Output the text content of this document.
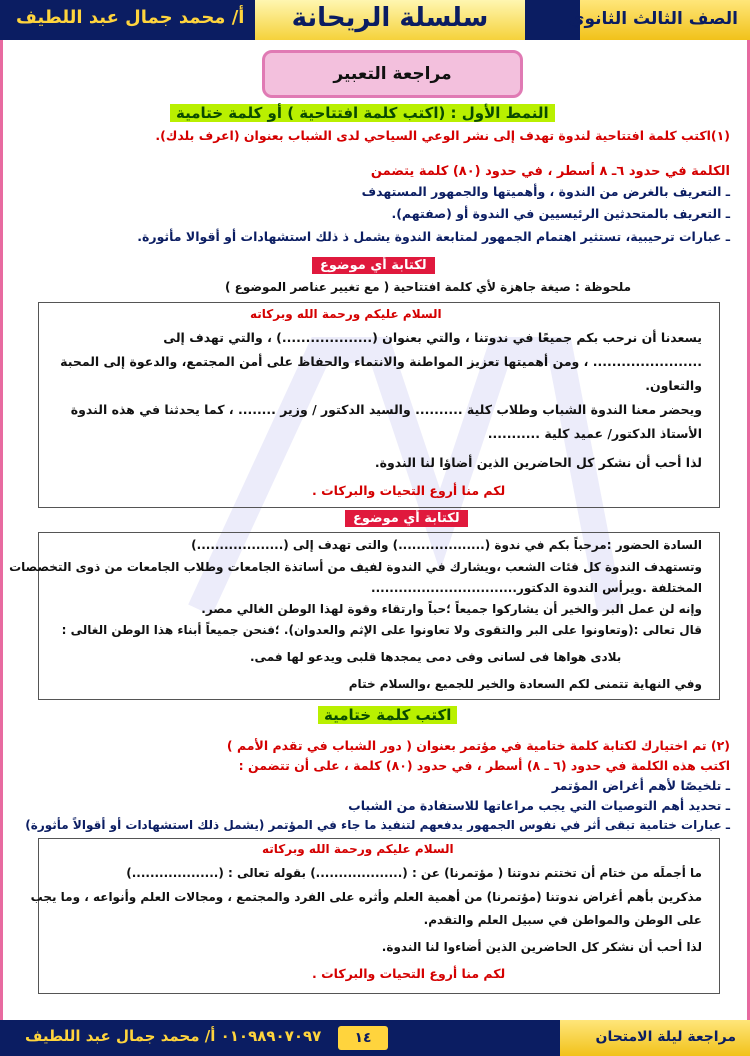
أ/ محمد جمال عبد اللطيف	سلسلة الريحانة	الصف الثالث الثانوي
مراجعة التعبير
النمط الأول : (اكتب كلمة افتتاحية ) أو كلمة ختامية
(١)اكتب كلمة افتتاحية لندوة تهدف إلى نشر الوعي السياحي لدى الشباب بعنوان (اعرف بلدك).
الكلمة في حدود ٦ـ ٨ أسطر ، في حدود (٨٠) كلمة يتضمن
ـ التعريف بالغرض من الندوة ، وأهميتها والجمهور المستهدف
ـ التعريف بالمتحدثين الرئيسيين في الندوة أو (صفتهم).
ـ عبارات ترحيبية، تستثير اهتمام الجمهور لمتابعة الندوة يشمل ذ ذلك استشهادات أو أقوالا مأثورة.
لكتابة أي موضوع
ملحوظة : صيغة جاهزة لأي كلمة افتتاحية ( مع تغيير عناصر الموضوع )
السلام عليكم ورحمة الله وبركاته
يسعدنا أن نرحب بكم جميعًا في ندوتنا ، والتي بعنوان (...................) ، والتي تهدف إلى
....................... ، ومن أهميتها تعزيز المواطنة والانتماء والحفاظ على أمن المجتمع، والدعوة إلى المحبة
والتعاون.
ويحضر معنا الندوة الشباب وطلاب كلية .......... والسيد الدكتور / وزير ........ ، كما يحدثنا في هذه الندوة
الأستاذ الدكتور/ عميد كلية ...........
لذا أحب أن نشكر كل الحاضرين الذين أضاؤا لنا الندوة.
لكم منا أروع التحيات والبركات .
لكتابة أي موضوع
السادة الحضور :مرحباً بكم في ندوة (...................) والتى تهدف إلى (...................)
وتستهدف الندوة كل فئات الشعب ،ويشارك في الندوة لفيف من أساتذة الجامعات وطلاب الجامعات من ذوى التخصصات
المختلفة .ويرأس الندوة الدكتور................................
وإنه لن عمل البر والخير أن يشاركوا جميعاً ؛حباً وارتقاء وقوة لهذا الوطن الغالي مصر.
قال تعالى :(وتعاونوا على البر والتقوى ولا تعاونوا على الإثم والعدوان). ؛فنحن جميعاً أبناء هذا الوطن الغالى :
بلادى هواها فى لسانى وفى دمى يمجدها قلبى ويدعو لها فمى.
وفي النهاية تتمنى لكم السعادة والخير للجميع ،والسلام ختام
اكتب كلمة ختامية
(٢) تم اختيارك لكتابة كلمة ختامية في مؤتمر بعنوان ( دور الشباب في تقدم الأمم )
اكتب هذه الكلمة في حدود (٦ ـ ٨) أسطر ، في حدود (٨٠) كلمة ، على أن تتضمن :
ـ تلخيصًا لأهم أغراض المؤتمر
ـ تحديد أهم التوصيات التي يجب مراعاتها للاستفادة من الشباب
ـ عبارات ختامية تبقى أثر في نفوس الجمهور يدفعهم لتنفيذ ما جاء في المؤتمر (يشمل ذلك استشهادات أو أقوالاً مأثورة)
السلام عليكم ورحمة الله وبركاته
ما أجملَه من ختام أن تختتم ندوتنا ( مؤتمرنا) عن : (...................) بقوله تعالى : (...................)
مذكرين بأهم أغراض ندوتنا (مؤتمرنا) من أهمية العلم وأثره على الفرد والمجتمع ، ومجالات العلم وأنواعه ، وما يجب
على الوطن والمواطن في سبيل العلم والتقدم.
لذا أحب أن نشكر كل الحاضرين الذين أضاءوا لنا الندوة.
لكم منا أروع التحيات والبركات .
٠١٠٩٨٩٠٧٠٩٧ أ/ محمد جمال عبد اللطيف	١٤	مراجعة ليلة الامتحان
